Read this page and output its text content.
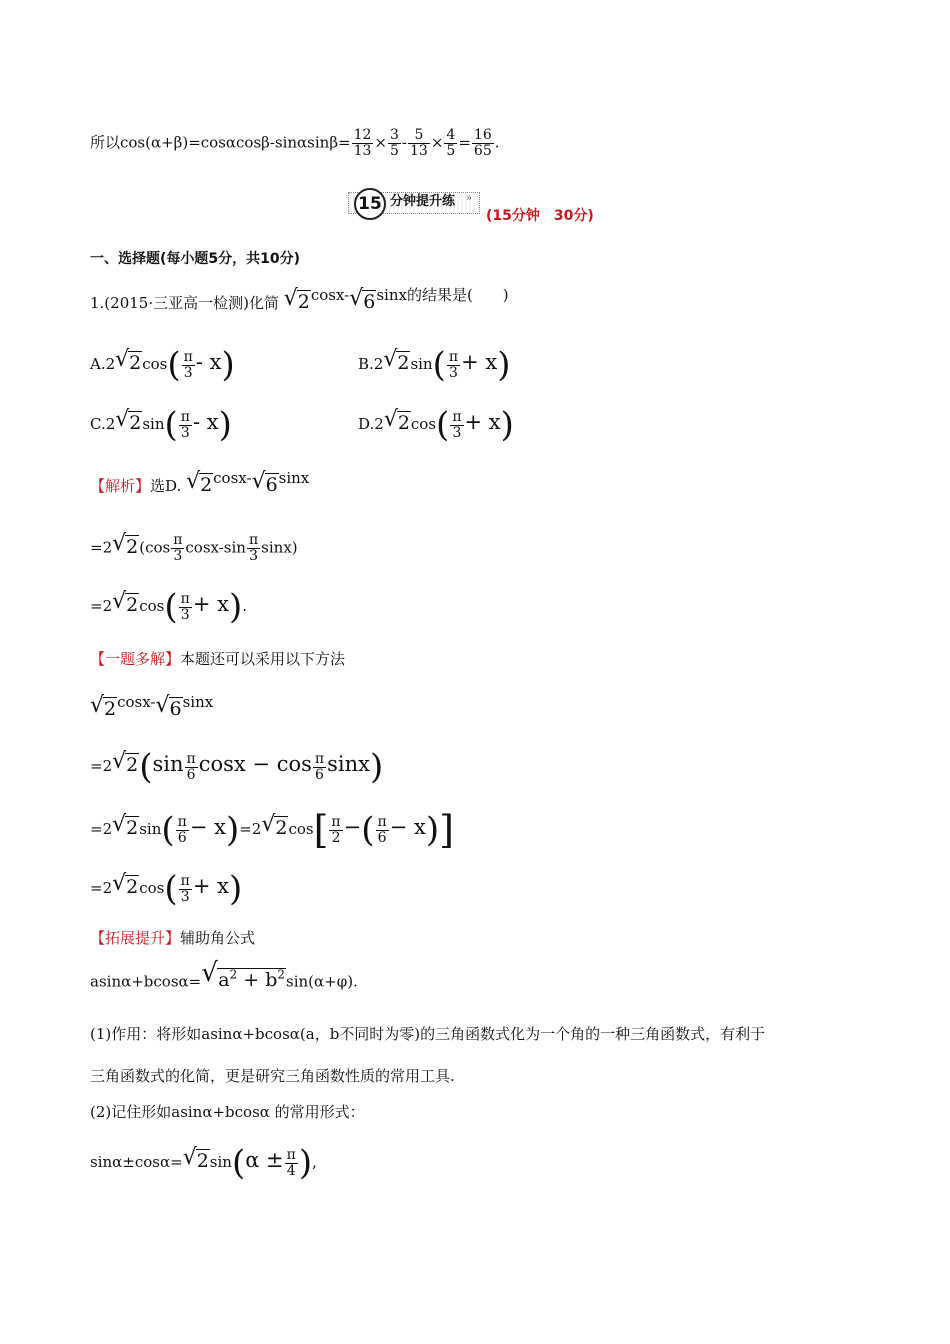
所以$\cos(\alpha+\beta)=\cos\alpha\cos\beta-\sin\alpha\sin\beta= \frac{12}{13} \times \frac{3}{5} - \frac{5}{13} \times \frac{4}{5} = \frac{16}{65}$ .
15 分钟提升练 »
(15分钟　30分)
一、选择题(每小题5分，共10分)
1.(2015·三亚高一检测)化简 √ 2cosx- √ 6sinx的结果是(　　)
A.2 √ $2\cos( \frac{\pi}{3} - x)$	B.2 √ $2\sin( \frac{\pi}{3} + x)$
C.2 √ $2\sin( \frac{\pi}{3} - x)$	D.2 √ $2\cos( \frac{\pi}{3} + x)$
【解析】选D. √ 2cosx- √ 6sinx
=2 √ $2(\cos \frac{\pi}{3} \cos x-\sin \frac{\pi}{3} \sin x)$
=2 √ $2\cos( \frac{\pi}{3} + x)$.
【一题多解】本题还可以采用以下方法
√ 2cosx- √ 6sinx
=2 √ $2(\sin \frac{\pi}{6}$ $\cos x - \cos \frac{\pi}{6} \sin x$)
=2 √ $2\sin( \frac{\pi}{6} - x)=2$ √ $2\cos[ \frac{\pi}{2}$ −( $\frac{\pi}{6} - x$)]
=2 √ $2\cos( \frac{\pi}{3} + x)$
【拓展提升】辅助角公式
asinα+bcosα= √ $a^2 + b^2\sin(\alpha+\varphi)$.
(1)作用：将形如asinα+bcosα(a，b不同时为零)的三角函数式化为一个角的一种三角函数式，有利于
三角函数式的化简，更是研究三角函数性质的常用工具.
(2)记住形如asinα+bcosα 的常用形式：
sinα±cosα= √ $2\sin(\alpha \pm \frac{\pi}{4}$ ),
